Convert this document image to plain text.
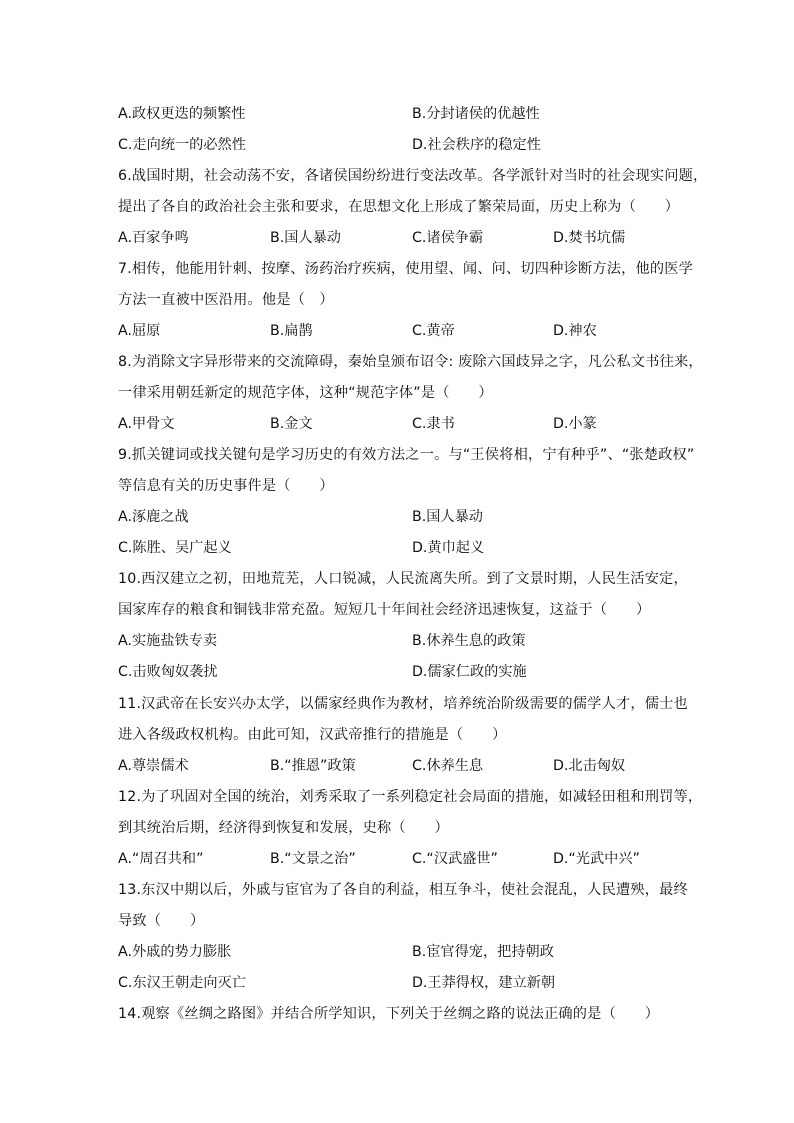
A.政权更迭的频繁性	B.分封诸侯的优越性
C.走向统一的必然性	D.社会秩序的稳定性
6.战国时期，社会动荡不安，各诸侯国纷纷进行变法改革。各学派针对当时的社会现实问题，
提出了各自的政治社会主张和要求，在思想文化上形成了繁荣局面，历史上称为（　　）
A.百家争鸣	B.国人暴动	C.诸侯争霸	D.焚书坑儒
7.相传，他能用针刺、按摩、汤药治疗疾病，使用望、闻、问、切四种诊断方法，他的医学
方法一直被中医沿用。他是（　）
A.屈原	B.扁鹊	C.黄帝	D.神农
8.为消除文字异形带来的交流障碍，秦始皇颁布诏令: 废除六国歧异之字，凡公私文书往来，
一律采用朝廷新定的规范字体，这种“规范字体”是（　　）
A.甲骨文	B.金文	C.隶书	D.小篆
9.抓关键词或找关键句是学习历史的有效方法之一。与“王侯将相，宁有种乎”、“张楚政权”
等信息有关的历史事件是（　　）
A.涿鹿之战	B.国人暴动
C.陈胜、吴广起义	D.黄巾起义
10.西汉建立之初，田地荒芜，人口锐减，人民流离失所。到了文景时期，人民生活安定，
国家库存的粮食和铜钱非常充盈。短短几十年间社会经济迅速恢复，这益于（　　）
A.实施盐铁专卖	B.休养生息的政策
C.击败匈奴袭扰	D.儒家仁政的实施
11.汉武帝在长安兴办太学，以儒家经典作为教材，培养统治阶级需要的儒学人才，儒士也
进入各级政权机构。由此可知，汉武帝推行的措施是（　　）
A.尊崇儒术	B.“推恩”政策	C.休养生息	D.北击匈奴
12.为了巩固对全国的统治，刘秀采取了一系列稳定社会局面的措施，如减轻田租和刑罚等，
到其统治后期，经济得到恢复和发展，史称（　　）
A.“周召共和”	B.“文景之治”	C.“汉武盛世”	D.“光武中兴”
13.东汉中期以后，外戚与宦官为了各自的利益，相互争斗，使社会混乱，人民遭殃，最终
导致（　　）
A.外戚的势力膨胀	B.宦官得宠，把持朝政
C.东汉王朝走向灭亡	D.王莽得权，建立新朝
14.观察《丝绸之路图》并结合所学知识，下列关于丝绸之路的说法正确的是（　　）
